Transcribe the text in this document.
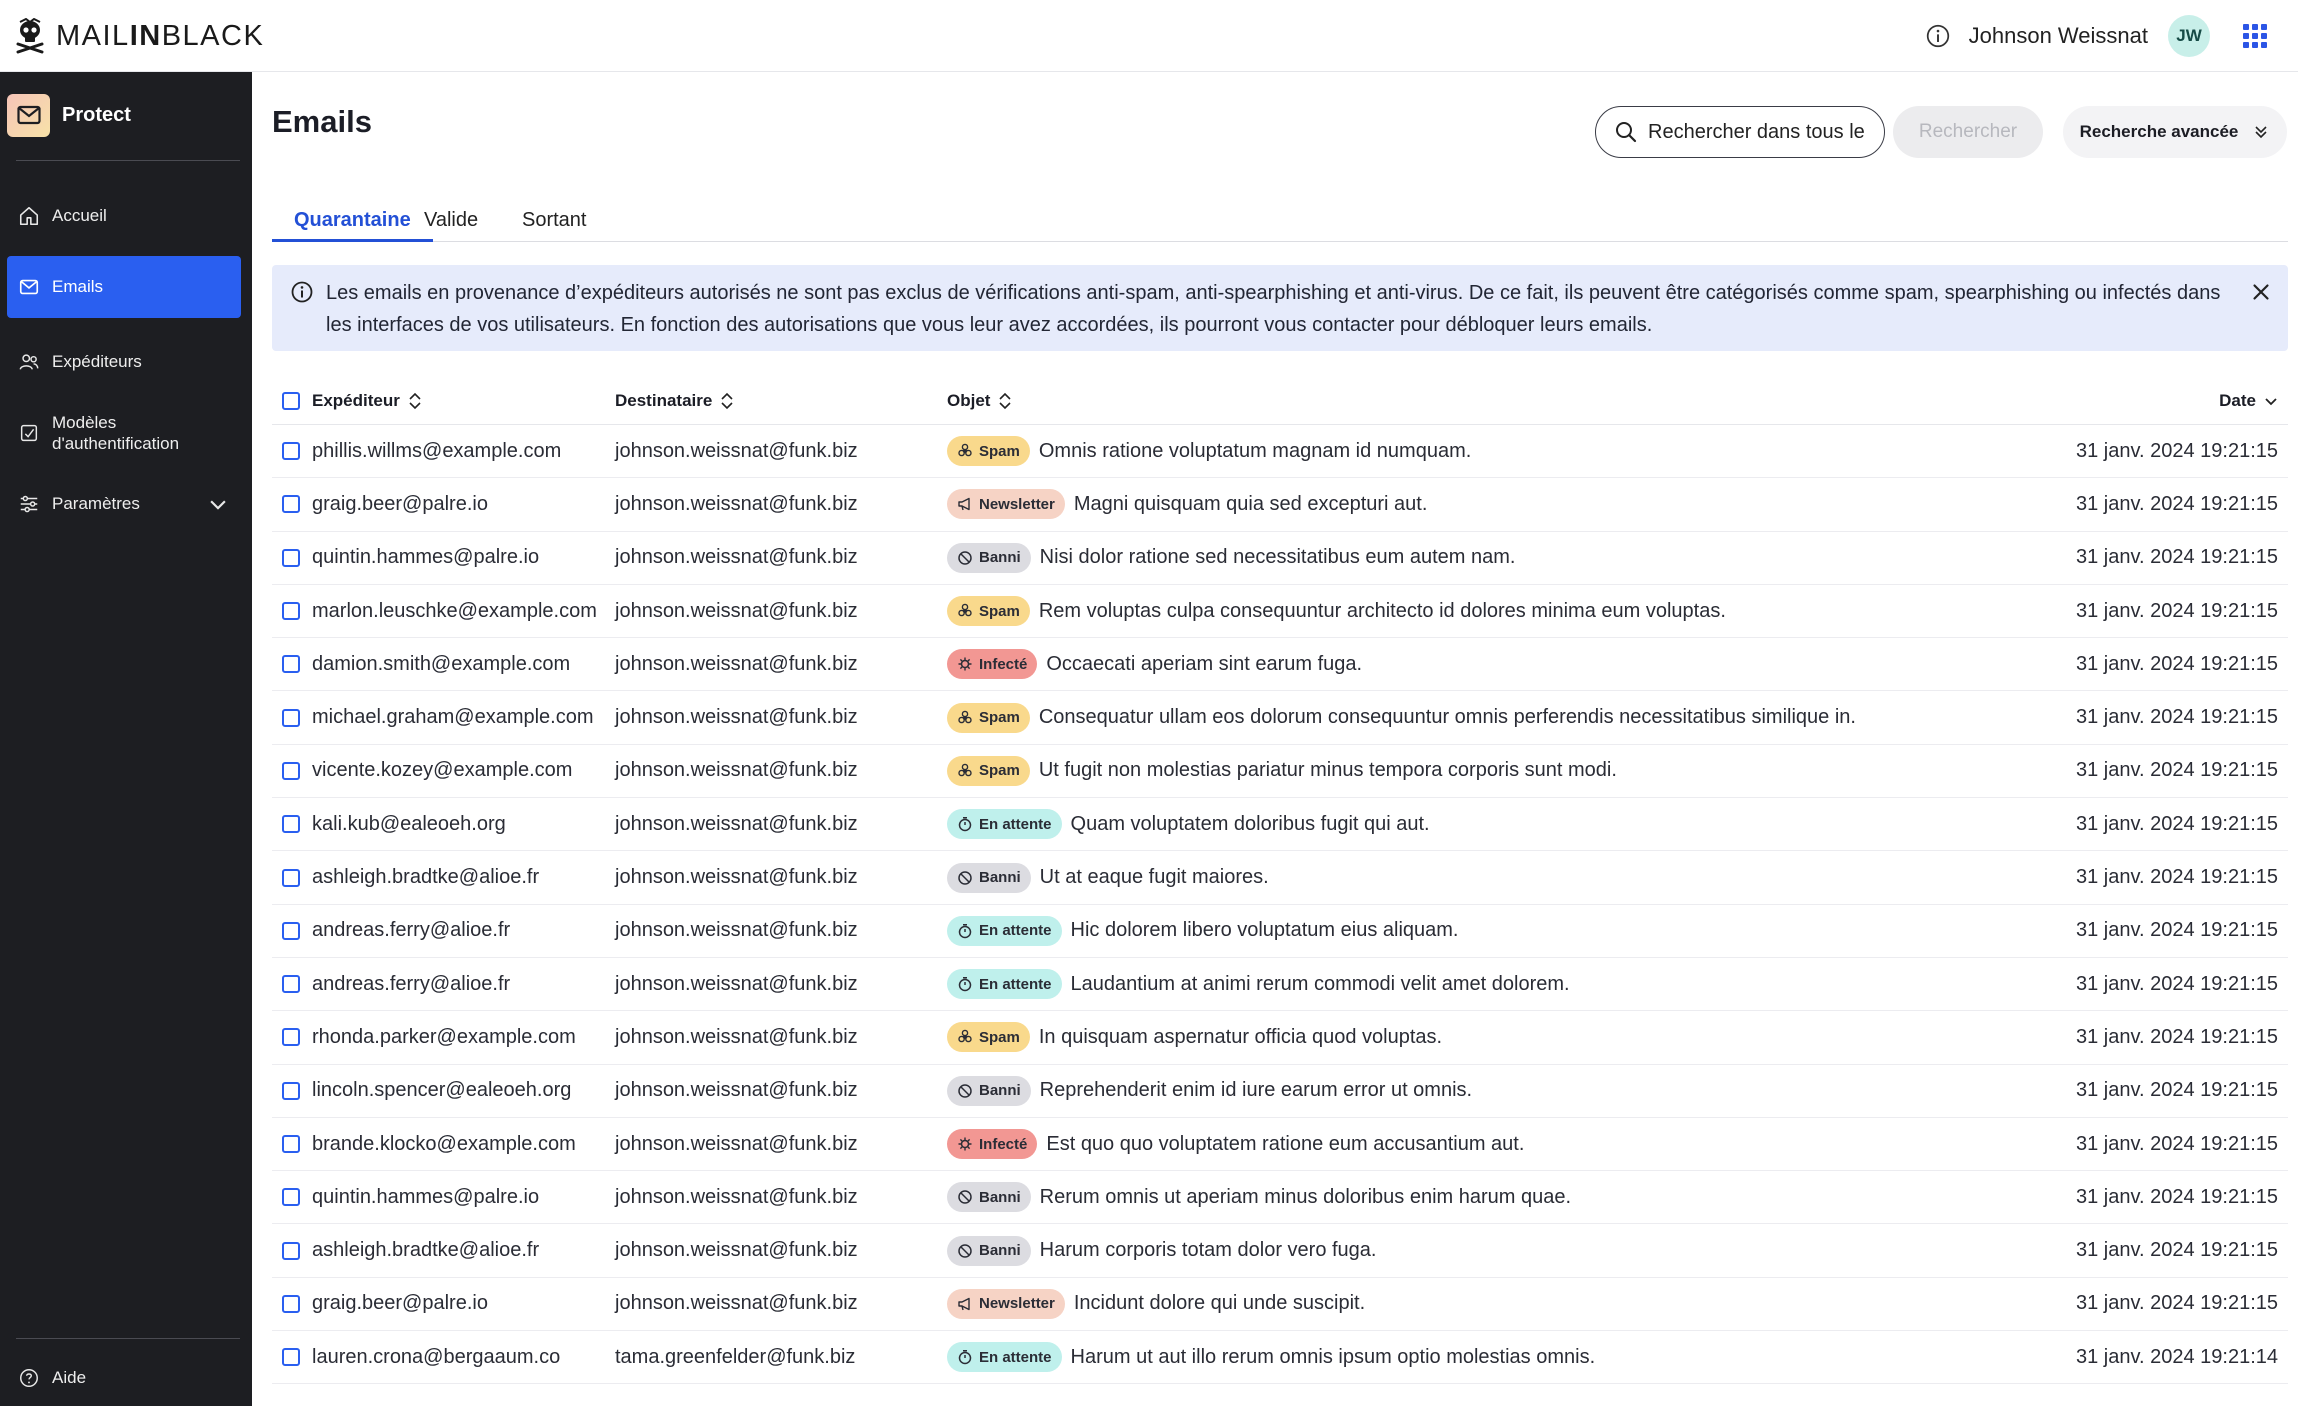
MAILINBLACK	Johnson Weissnat	JW
Protect
Accueil
Emails
Expéditeurs
Modèles
d'authentification
Paramètres
Aide
Emails
Rechercher dans tous le	Rechercher	Recherche avancée
Quarantaine Valide	Sortant
Les emails en provenance d’expéditeurs autorisés ne sont pas exclus de vérifications anti-spam, anti-spearphishing et anti-virus. De ce fait, ils peuvent être catégorisés comme spam, spearphishing ou infectés dans les interfaces de vos utilisateurs. En fonction des autorisations que vous leur avez accordées, ils pourront vous contacter pour débloquer leurs emails.
Expéditeur	Destinataire	Objet	Date
phillis.willms@example.com	johnson.weissnat@funk.biz	Spam Omnis ratione voluptatum magnam id numquam.	31 janv. 2024 19:21:15
graig.beer@palre.io	johnson.weissnat@funk.biz	Newsletter Magni quisquam quia sed excepturi aut.	31 janv. 2024 19:21:15
quintin.hammes@palre.io	johnson.weissnat@funk.biz	Banni Nisi dolor ratione sed necessitatibus eum autem nam.	31 janv. 2024 19:21:15
marlon.leuschke@example.com johnson.weissnat@funk.biz	Spam Rem voluptas culpa consequuntur architecto id dolores minima eum voluptas.	31 janv. 2024 19:21:15
damion.smith@example.com johnson.weissnat@funk.biz	Infecté Occaecati aperiam sint earum fuga.	31 janv. 2024 19:21:15
michael.graham@example.com johnson.weissnat@funk.biz	Spam Consequatur ullam eos dolorum consequuntur omnis perferendis necessitatibus similique in.	31 janv. 2024 19:21:15
vicente.kozey@example.com johnson.weissnat@funk.biz	Spam Ut fugit non molestias pariatur minus tempora corporis sunt modi.	31 janv. 2024 19:21:15
kali.kub@ealeoeh.org	johnson.weissnat@funk.biz	En attente Quam voluptatem doloribus fugit qui aut.	31 janv. 2024 19:21:15
ashleigh.bradtke@alioe.fr	johnson.weissnat@funk.biz	Banni Ut at eaque fugit maiores.	31 janv. 2024 19:21:15
andreas.ferry@alioe.fr	johnson.weissnat@funk.biz	En attente Hic dolorem libero voluptatum eius aliquam.	31 janv. 2024 19:21:15
andreas.ferry@alioe.fr	johnson.weissnat@funk.biz	En attente Laudantium at animi rerum commodi velit amet dolorem.	31 janv. 2024 19:21:15
rhonda.parker@example.com johnson.weissnat@funk.biz	Spam In quisquam aspernatur officia quod voluptas.	31 janv. 2024 19:21:15
lincoln.spencer@ealeoeh.org johnson.weissnat@funk.biz	Banni Reprehenderit enim id iure earum error ut omnis.	31 janv. 2024 19:21:15
brande.klocko@example.com johnson.weissnat@funk.biz	Infecté Est quo quo voluptatem ratione eum accusantium aut.	31 janv. 2024 19:21:15
quintin.hammes@palre.io	johnson.weissnat@funk.biz	Banni Rerum omnis ut aperiam minus doloribus enim harum quae.	31 janv. 2024 19:21:15
ashleigh.bradtke@alioe.fr	johnson.weissnat@funk.biz	Banni Harum corporis totam dolor vero fuga.	31 janv. 2024 19:21:15
graig.beer@palre.io	johnson.weissnat@funk.biz	Newsletter Incidunt dolore qui unde suscipit.	31 janv. 2024 19:21:15
lauren.crona@bergaaum.co	tama.greenfelder@funk.biz	En attente Harum ut aut illo rerum omnis ipsum optio molestias omnis.	31 janv. 2024 19:21:14
